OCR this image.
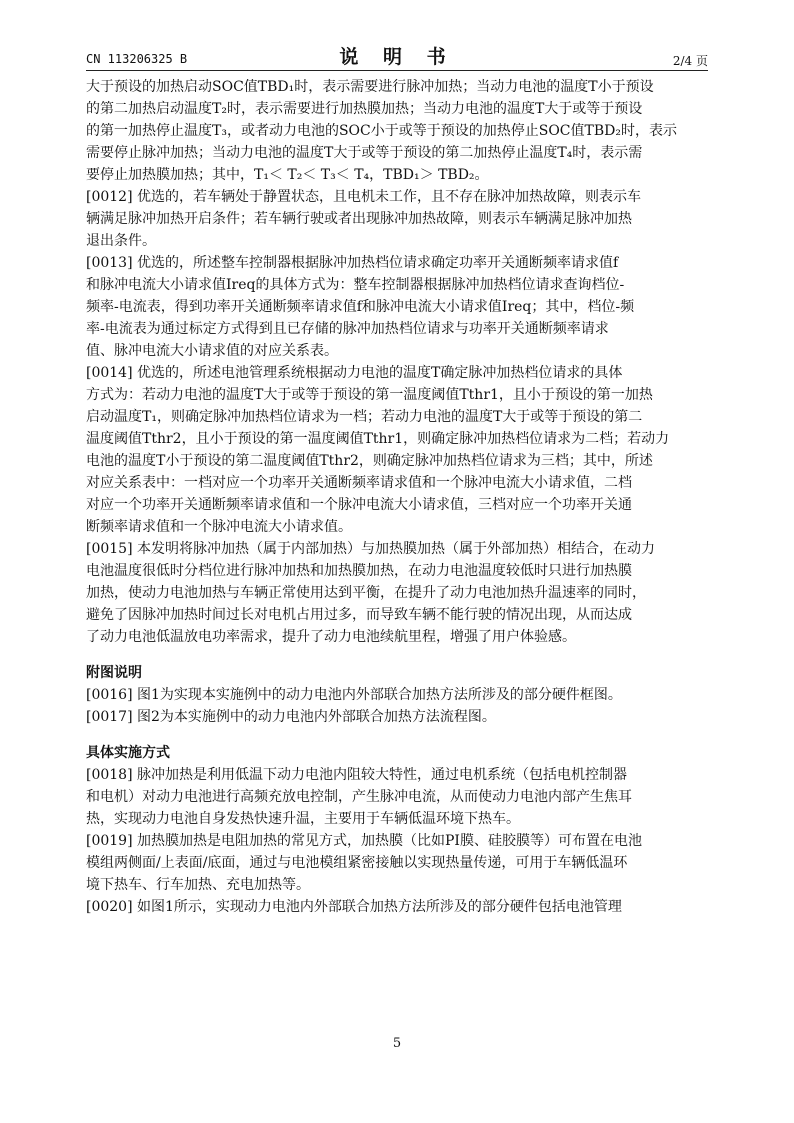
CN 113206325 B	说 明 书	2/4 页
大于预设的加热启动SOC值TBD₁时，表示需要进行脉冲加热；当动力电池的温度T小于预设
的第二加热启动温度T₂时，表示需要进行加热膜加热；当动力电池的温度T大于或等于预设
的第一加热停止温度T₃，或者动力电池的SOC小于或等于预设的加热停止SOC值TBD₂时，表示
需要停止脉冲加热；当动力电池的温度T大于或等于预设的第二加热停止温度T₄时，表示需
要停止加热膜加热；其中，T₁＜ T₂＜ T₃＜ T₄，TBD₁＞ TBD₂。
[0012] 优选的，若车辆处于静置状态，且电机未工作，且不存在脉冲加热故障，则表示车
辆满足脉冲加热开启条件；若车辆行驶或者出现脉冲加热故障，则表示车辆满足脉冲加热
退出条件。
[0013] 优选的，所述整车控制器根据脉冲加热档位请求确定功率开关通断频率请求值f
和脉冲电流大小请求值Ireq的具体方式为：整车控制器根据脉冲加热档位请求查询档位-
频率-电流表，得到功率开关通断频率请求值f和脉冲电流大小请求值Ireq；其中，档位-频
率-电流表为通过标定方式得到且已存储的脉冲加热档位请求与功率开关通断频率请求
值、脉冲电流大小请求值的对应关系表。
[0014] 优选的，所述电池管理系统根据动力电池的温度T确定脉冲加热档位请求的具体
方式为：若动力电池的温度T大于或等于预设的第一温度阈值Tthr1，且小于预设的第一加热
启动温度T₁，则确定脉冲加热档位请求为一档；若动力电池的温度T大于或等于预设的第二
温度阈值Tthr2，且小于预设的第一温度阈值Tthr1，则确定脉冲加热档位请求为二档；若动力
电池的温度T小于预设的第二温度阈值Tthr2，则确定脉冲加热档位请求为三档；其中，所述
对应关系表中：一档对应一个功率开关通断频率请求值和一个脉冲电流大小请求值，二档
对应一个功率开关通断频率请求值和一个脉冲电流大小请求值，三档对应一个功率开关通
断频率请求值和一个脉冲电流大小请求值。
[0015] 本发明将脉冲加热（属于内部加热）与加热膜加热（属于外部加热）相结合，在动力
电池温度很低时分档位进行脉冲加热和加热膜加热，在动力电池温度较低时只进行加热膜
加热，使动力电池加热与车辆正常使用达到平衡，在提升了动力电池加热升温速率的同时，
避免了因脉冲加热时间过长对电机占用过多，而导致车辆不能行驶的情况出现，从而达成
了动力电池低温放电功率需求，提升了动力电池续航里程，增强了用户体验感。
附图说明
[0016] 图1为实现本实施例中的动力电池内外部联合加热方法所涉及的部分硬件框图。
[0017] 图2为本实施例中的动力电池内外部联合加热方法流程图。
具体实施方式
[0018] 脉冲加热是利用低温下动力电池内阻较大特性，通过电机系统（包括电机控制器
和电机）对动力电池进行高频充放电控制，产生脉冲电流，从而使动力电池内部产生焦耳
热，实现动力电池自身发热快速升温，主要用于车辆低温环境下热车。
[0019] 加热膜加热是电阻加热的常见方式，加热膜（比如PI膜、硅胶膜等）可布置在电池
模组两侧面/上表面/底面，通过与电池模组紧密接触以实现热量传递，可用于车辆低温环
境下热车、行车加热、充电加热等。
[0020] 如图1所示，实现动力电池内外部联合加热方法所涉及的部分硬件包括电池管理
5
